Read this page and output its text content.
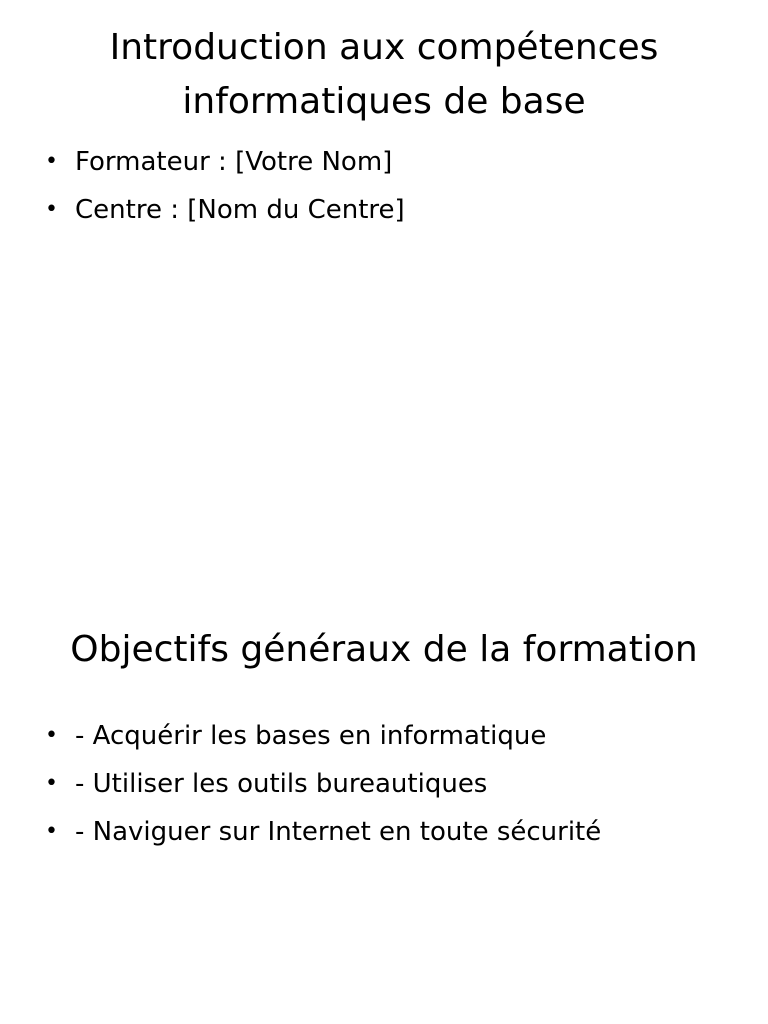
Introduction aux compétences
informatiques de base
• Formateur : [Votre Nom]
• Centre : [Nom du Centre]
Objectifs généraux de la formation
• - Acquérir les bases en informatique
• - Utiliser les outils bureautiques
• - Naviguer sur Internet en toute sécurité
